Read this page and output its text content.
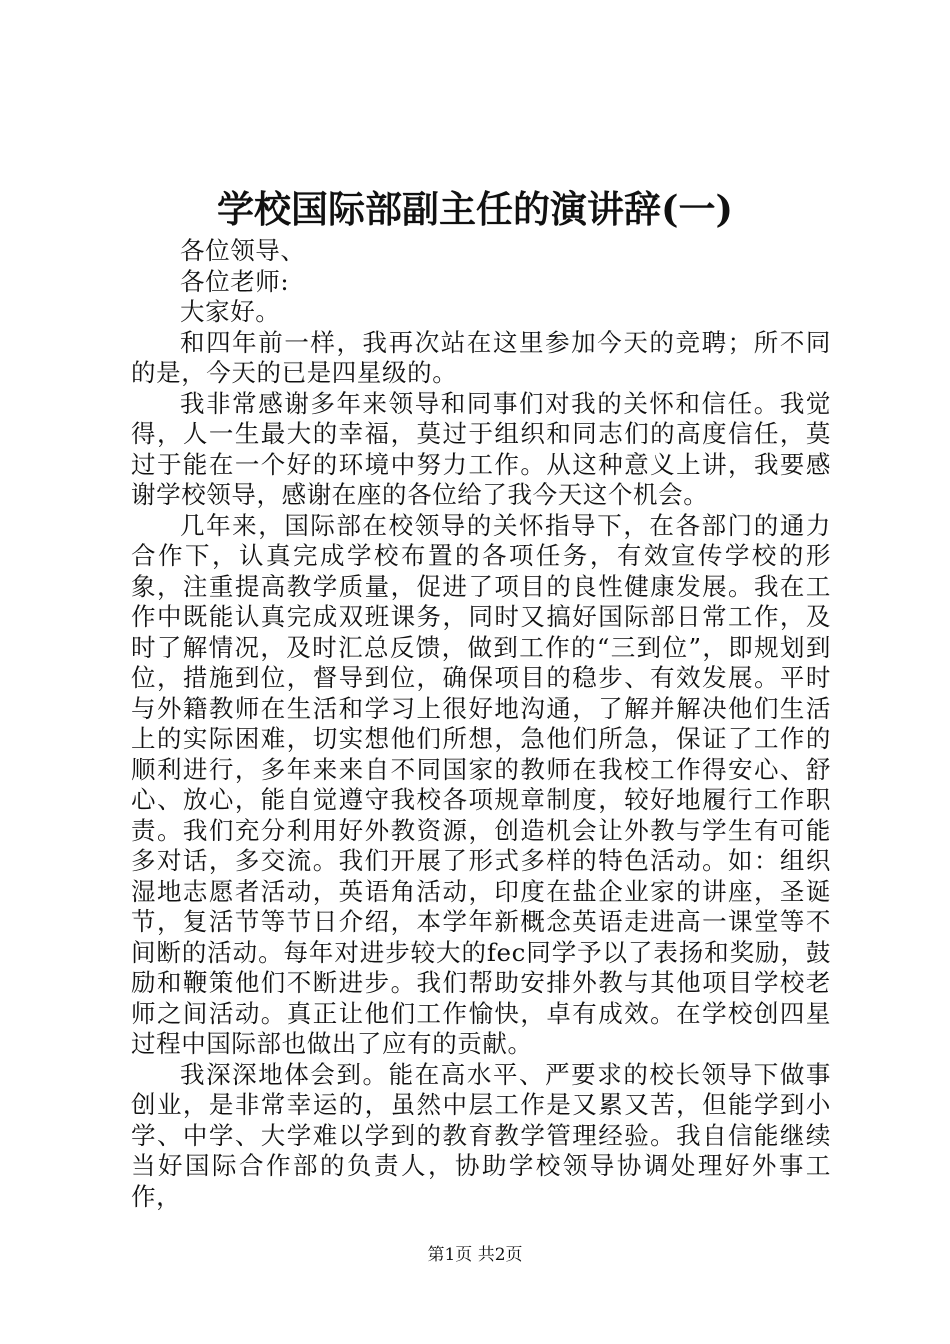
学校国际部副主任的演讲辞(一)

各位领导、

各位老师:

大家好。

和四年前一样，我再次站在这里参加今天的竞聘；所不同的是，今天的已是四星级的。

我非常感谢多年来领导和同事们对我的关怀和信任。我觉得，人一生最大的幸福，莫过于组织和同志们的高度信任，莫过于能在一个好的环境中努力工作。从这种意义上讲，我要感谢学校领导，感谢在座的各位给了我今天这个机会。

几年来，国际部在校领导的关怀指导下，在各部门的通力合作下，认真完成学校布置的各项任务，有效宣传学校的形象，注重提高教学质量，促进了项目的良性健康发展。我在工作中既能认真完成双班课务，同时又搞好国际部日常工作，及时了解情况，及时汇总反馈，做到工作的“三到位”，即规划到位，措施到位，督导到位，确保项目的稳步、有效发展。平时与外籍教师在生活和学习上很好地沟通，了解并解决他们生活上的实际困难，切实想他们所想，急他们所急，保证了工作的顺利进行，多年来来自不同国家的教师在我校工作得安心、舒心、放心，能自觉遵守我校各项规章制度，较好地履行工作职责。我们充分利用好外教资源，创造机会让外教与学生有可能多对话，多交流。我们开展了形式多样的特色活动。如：组织湿地志愿者活动，英语角活动，印度在盐企业家的讲座，圣诞节，复活节等节日介绍，本学年新概念英语走进高一课堂等不间断的活动。每年对进步较大的fec同学予以了表扬和奖励，鼓励和鞭策他们不断进步。我们帮助安排外教与其他项目学校老师之间活动。真正让他们工作愉快，卓有成效。在学校创四星过程中国际部也做出了应有的贡献。

我深深地体会到。能在高水平、严要求的校长领导下做事创业，是非常幸运的，虽然中层工作是又累又苦，但能学到小学、中学、大学难以学到的教育教学管理经验。我自信能继续当好国际合作部的负责人，协助学校领导协调处理好外事工作，

第1页 共2页
